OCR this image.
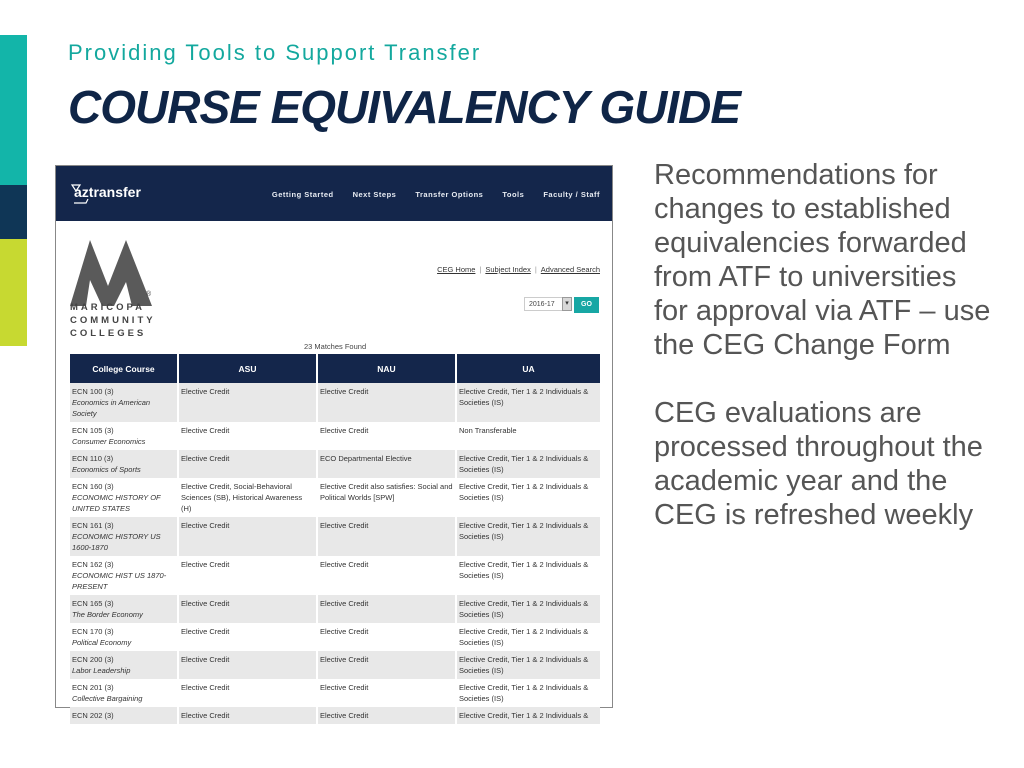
Providing Tools to Support Transfer
COURSE EQUIVALENCY GUIDE
aztransfer	Getting Started	Next Steps	Transfer Options	Tools	Faculty / Staff
®
MARICOPA
COMMUNITY
COLLEGES
CEG Home | Subject Index | Advanced Search
2016-17	▾	GO
23 Matches Found
College Course	ASU	NAU	UA

ECN 100 (3)
Economics in American Society	Elective Credit	Elective Credit	Elective Credit, Tier 1 & 2 Individuals & Societies (IS)

ECN 105 (3)
Consumer Economics	Elective Credit	Elective Credit	Non Transferable

ECN 110 (3)
Economics of Sports	Elective Credit	ECO Departmental Elective	Elective Credit, Tier 1 & 2 Individuals & Societies (IS)

ECN 160 (3)
ECONOMIC HISTORY OF UNITED STATES	Elective Credit, Social-Behavioral Sciences (SB), Historical Awareness (H)	Elective Credit also satisfies: Social and Political Worlds [SPW]	Elective Credit, Tier 1 & 2 Individuals & Societies (IS)

ECN 161 (3)
ECONOMIC HISTORY US 1600-1870	Elective Credit	Elective Credit	Elective Credit, Tier 1 & 2 Individuals & Societies (IS)

ECN 162 (3)
ECONOMIC HIST US 1870-PRESENT	Elective Credit	Elective Credit	Elective Credit, Tier 1 & 2 Individuals & Societies (IS)

ECN 165 (3)
The Border Economy	Elective Credit	Elective Credit	Elective Credit, Tier 1 & 2 Individuals & Societies (IS)

ECN 170 (3)
Political Economy	Elective Credit	Elective Credit	Elective Credit, Tier 1 & 2 Individuals & Societies (IS)

ECN 200 (3)
Labor Leadership	Elective Credit	Elective Credit	Elective Credit, Tier 1 & 2 Individuals & Societies (IS)

ECN 201 (3)
Collective Bargaining	Elective Credit	Elective Credit	Elective Credit, Tier 1 & 2 Individuals & Societies (IS)

ECN 202 (3)	Elective Credit	Elective Credit	Elective Credit, Tier 1 & 2 Individuals &

Recommendations for changes to established equivalencies forwarded from ATF to universities for approval via ATF – use the CEG Change Form

CEG evaluations are processed throughout the academic year and the CEG is refreshed weekly
